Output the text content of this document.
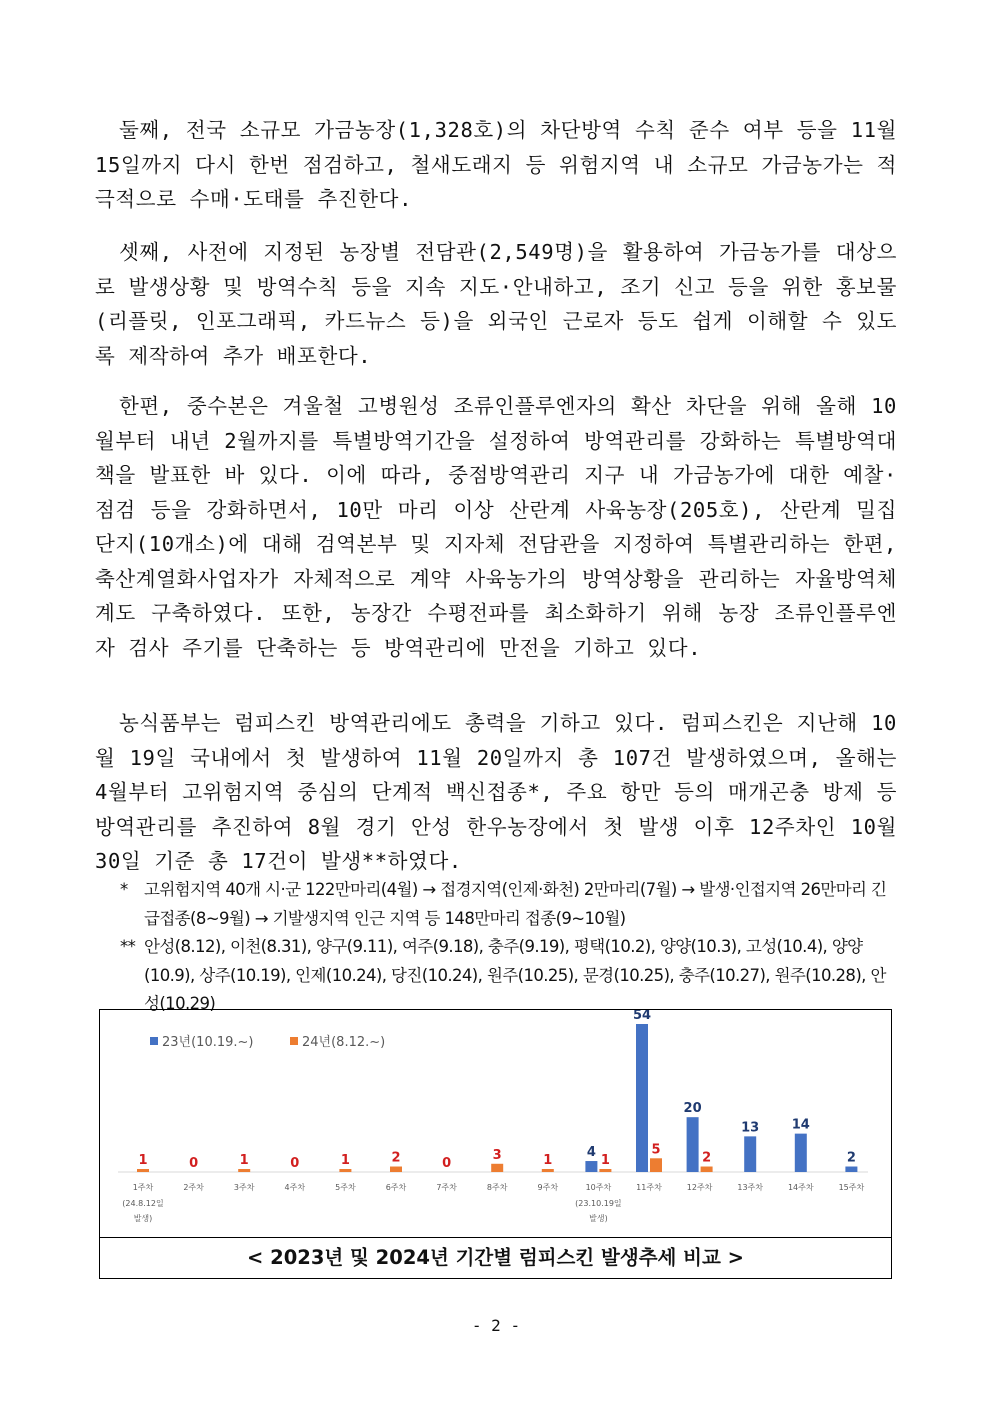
둘째, 전국 소규모 가금농장(1,328호)의 차단방역 수칙 준수 여부 등을 11월 15일까지 다시 한번 점검하고, 철새도래지 등 위험지역 내 소규모 가금농가는 적극적으로 수매·도태를 추진한다.

셋째, 사전에 지정된 농장별 전담관(2,549명)을 활용하여 가금농가를 대상으로 발생상황 및 방역수칙 등을 지속 지도·안내하고, 조기 신고 등을 위한 홍보물(리플릿, 인포그래픽, 카드뉴스 등)을 외국인 근로자 등도 쉽게 이해할 수 있도록 제작하여 추가 배포한다.

한편, 중수본은 겨울철 고병원성 조류인플루엔자의 확산 차단을 위해 올해 10월부터 내년 2월까지를 특별방역기간을 설정하여 방역관리를 강화하는 특별방역대책을 발표한 바 있다. 이에 따라, 중점방역관리 지구 내 가금농가에 대한 예찰·점검 등을 강화하면서, 10만 마리 이상 산란계 사육농장(205호), 산란계 밀집단지(10개소)에 대해 검역본부 및 지자체 전담관을 지정하여 특별관리하는 한편, 축산계열화사업자가 자체적으로 계약 사육농가의 방역상황을 관리하는 자율방역체계도 구축하였다. 또한, 농장간 수평전파를 최소화하기 위해 농장 조류인플루엔자 검사 주기를 단축하는 등 방역관리에 만전을 기하고 있다.

농식품부는 럼피스킨 방역관리에도 총력을 기하고 있다. 럼피스킨은 지난해 10월 19일 국내에서 첫 발생하여 11월 20일까지 총 107건 발생하였으며, 올해는 4월부터 고위험지역 중심의 단계적 백신접종*, 주요 항만 등의 매개곤충 방제 등 방역관리를 추진하여 8월 경기 안성 한우농장에서 첫 발생 이후 12주차인 10월 30일 기준 총 17건이 발생**하였다.

* 고위험지역 40개 시·군 122만마리(4월) → 접경지역(인제·화천) 2만마리(7월) → 발생·인접지역 26만마리 긴급접종(8~9월) → 기발생지역 인근 지역 등 148만마리 접종(9~10월)
** 안성(8.12), 이천(8.31), 양구(9.11), 여주(9.18), 충주(9.19), 평택(10.2), 양양(10.3), 고성(10.4), 양양(10.9), 상주(10.19), 인제(10.24), 당진(10.24), 원주(10.25), 문경(10.25), 충주(10.27), 원주(10.28), 안성(10.29)
1주차
(24.8.12일
발생)
2주차	3주차	4주차	5주차	6주차	7주차	8주차	9주차	10주차
(23.10.19일
발생)
11주차	12주차	13주차	14주차	15주차
4
54
20
13	14
2
1	0	1	0	1	2	0
3	1	1
5
2
23년(10.19.~)	24년(8.12.~)
< 2023년 및 2024년 기간별 럼피스킨 발생추세 비교 >
- 2 -
